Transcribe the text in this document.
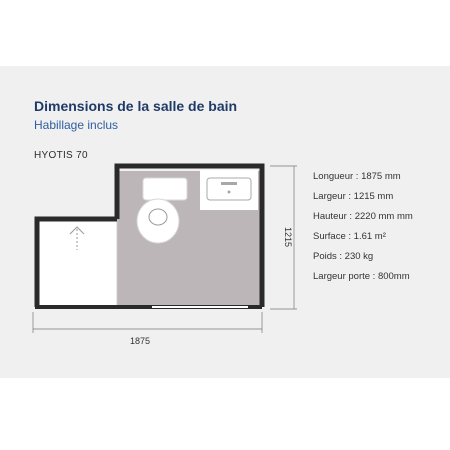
Dimensions de la salle de bain
Habillage inclus
HYOTIS 70
1215
1875
Longueur : 1875 mm
Largeur : 1215 mm
Hauteur : 2220 mm mm
Surface : 1.61 m²
Poids : 230 kg
Largeur porte : 800mm
